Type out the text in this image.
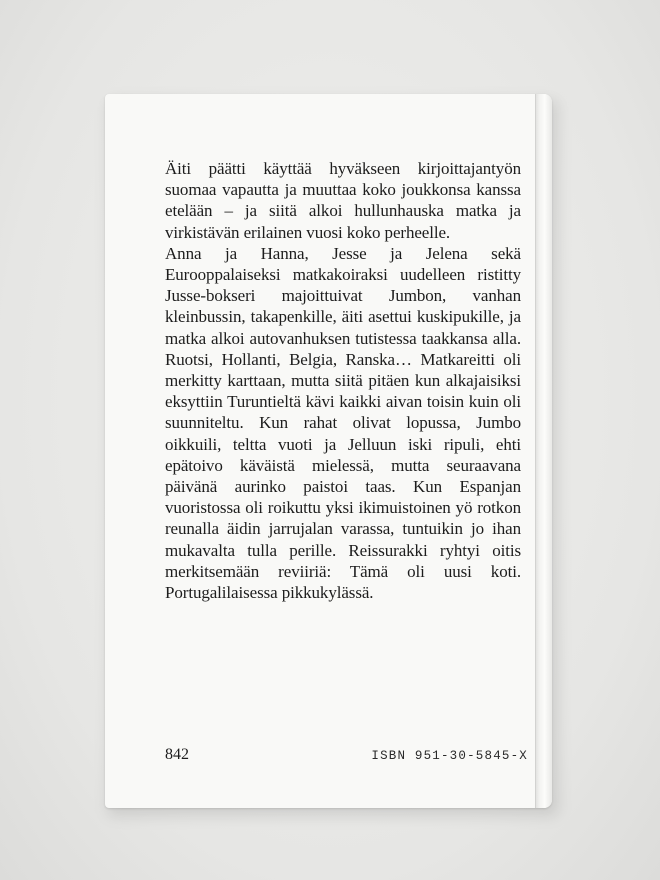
Äiti päätti käyttää hyväkseen kirjoittajantyön suomaa vapautta ja muuttaa koko joukkonsa kanssa etelään – ja siitä alkoi hullunhauska matka ja virkistävän erilainen vuosi koko perheelle.

Anna ja Hanna, Jesse ja Jelena sekä Eurooppalaiseksi matkakoiraksi uudelleen ristitty Jusse-bokseri majoittuivat Jumbon, vanhan kleinbussin, takapenkille, äiti asettui kuskipukille, ja matka alkoi autovanhuksen tutistessa taakkansa alla. Ruotsi, Hollanti, Belgia, Ranska… Matkareitti oli merkitty karttaan, mutta siitä pitäen kun alkajaisiksi eksyttiin Turuntieltä kävi kaikki aivan toisin kuin oli suunniteltu. Kun rahat olivat lopussa, Jumbo oikkuili, teltta vuoti ja Jelluun iski ripuli, ehti epätoivo käväistä mielessä, mutta seuraavana päivänä aurinko paistoi taas. Kun Espanjan vuoristossa oli roikuttu yksi ikimuistoinen yö rotkon reunalla äidin jarrujalan varassa, tuntuikin jo ihan mukavalta tulla perille. Reissurakki ryhtyi oitis merkitsemään reviiriä: Tämä oli uusi koti. Portugalilaisessa pikkukylässä.

842	ISBN 951-30-5845-X
